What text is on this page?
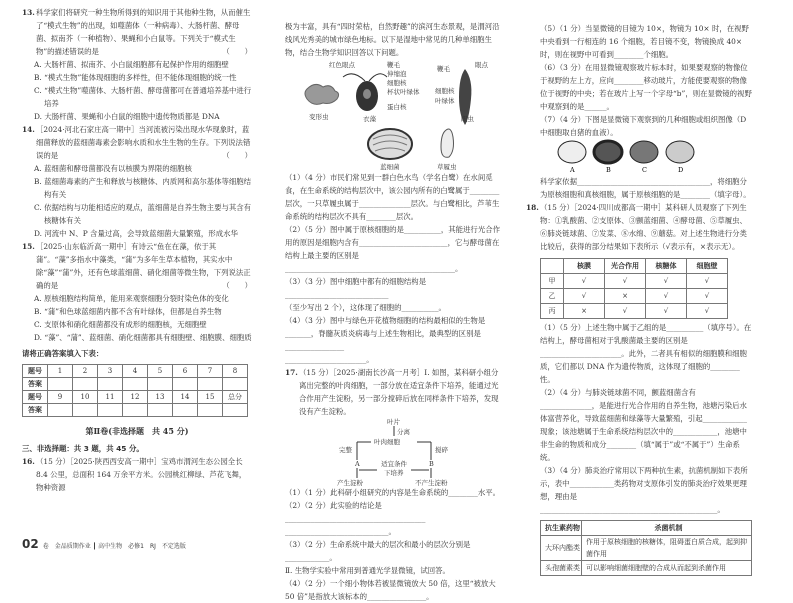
13.科学家们将研究一种生物所得到的知识用于其他种生物，从而催生了“模式生物”的出现，如噬菌体（一种病毒）、大肠杆菌、酵母菌、拟南芥（一种植物）、果蝇和小白鼠等。下列关于“模式生物”的描述错误的是	（　　）
A. 大肠杆菌、拟南芥、小白鼠细胞都有起保护作用的细胞壁
B. “模式生物”能体现细胞的多样性，但不能体现细胞的统一性
C. “模式生物”噬菌体、大肠杆菌、酵母菌都可在普通培养基中进行培养
D. 大肠杆菌、果蝇和小白鼠的细胞中遗传物质都是 DNA
14.［2024·河北石家庄高一期中］当河流被污染出现水华现象时，蓝细菌释放的蓝细菌毒素会影响水质和水生生物的生存。下列说法错误的是	（　　）
A. 蓝细菌和酵母菌都没有以核膜为界限的细胞核
B. 蓝细菌毒素的产生和释放与核糖体、内质网和高尔基体等细胞结构有关
C. 依据结构与功能相适应的观点，蓝细菌是自养生物主要与其含有核糖体有关
D. 河流中 N、P 含量过高，会导致蓝细菌大量繁殖，形成水华
15.［2025·山东临沂高一期中］有诗云“鱼在在藻，依于其蒲”。“藻”多指水中藻类，“蒲”为多年生草本植物，其实水中除“藻”“蒲”外，还有色球蓝细菌、硝化细菌等微生物，下列说法正确的是	（　　）
A. 原核细胞结构简单，能用来观察细胞分裂时染色体的变化
B. “蒲”和色球蓝细菌内都不含有叶绿体，但都是自养生物
C. 支原体和硝化细菌都没有成形的细胞核，无细胞壁
D. “藻”、“蒲”、蓝细菌、硝化细菌都具有细胞壁、细胞膜、细胞质
请将正确答案填入下表：
题号	1	2	3	4	5	6	7	8
答案								
题号	9	10	11	12	13	14	15	总分
答案								
第Ⅱ卷(非选择题　共 45 分)
三、非选择题：共 3 题，共 45 分。
16.（15 分）［2025·陕西西安高一期中］宝鸡市渭河生态公园全长 8.4 公里，总面积 164 万余平方米。公园桃红柳绿、芦花飞舞，物种资源
极为丰富，具有“四时荣枯，自然野趣”的滨河生态景观，是渭河沿线风光秀美的城市绿色地标。以下是湿地中常见的几种单细胞生物，结合生物学知识回答以下问题。
变形虫	衣藻
红色眼点	鞭毛
伸缩泡
细胞核
杯状叶绿体
蛋白核
鞭毛	眼点
细胞核
叶绿体
眼虫
蓝细菌	草履虫
（1）（4 分）市民们常见到一群白色水鸟（学名白鹭）在水间觅食，在生命系统的结构层次中，该公园内所有的白鹭属于________层次，一只草履虫属于______________层次。与白鹭相比，芦苇生命系统的结构层次不具有________层次。
（2）（5 分）图中属于原核细胞的是__________，其能进行光合作用的原因是细胞内含有________________________，它与酵母菌在结构上最主要的区别是______________________________________________。
（3）（3 分）图中细胞中都有的细胞结构是____________________________
（至少写出 2 个），这体现了细胞的__________。
（4）（3 分）图中与绿色开花植物细胞的结构最相似的生物是_______，脊髓灰质炎病毒与上述生物相比，最典型的区别是________________
______________________。
17.（15 分）［2025·湖南长沙高一月考］Ⅰ. 如图，某科研小组分离出完整的叶肉细胞，一部分放在适宜条件下培养，能通过光合作用产生淀粉，另一部分搅碎后放在同样条件下培养，发现没有产生淀粉。
叶片
分离
叶肉细胞
完整	搅碎
A	B
适宜条件
下培养
产生淀粉	不产生淀粉
（1）（1 分）此科研小组研究的内容是生命系统的________水平。
（2）（2 分）此实验的结论是______________________________________
____________________________。
（3）（2 分）生命系统中最大的层次和最小的层次分别是____________。
Ⅱ. 生物学实验中常用到普通光学显微镜，试回答。
（4）（2 分）一个细小物体若被显微镜放大 50 倍，这里“被放大 50 倍”是指放大该标本的________________。
（5）（1 分）当显微镜的目镜为 10×，物镜为 10× 时，在视野中央看到一行相连的 16 个细胞，若目镜不变，物镜换成 40× 时，则在视野中可看到________个细胞。
（6）（3 分）在用显微镜观察玻片标本时，如果要观察的物像位于视野的左上方，应向________移动玻片，方能使要观察的物像位于视野的中央；若在玻片上写一个字母“b”，则在显微镜的视野中观察到的是______。
（7）（4 分）下图是显微镜下观察到的几种细胞或组织图像（D 中细胞取自猪的血液）。
A	B	C	D
科学家依据____________________________________，将细胞分为原核细胞和真核细胞，属于原核细胞的是________（填字母）。
18.（15 分）［2024·四川成都高一期中］某科研人员观察了下列生物：①乳酸菌、②支原体、③颤蓝细菌、④酵母菌、⑤草履虫、⑥肺炎链球菌、⑦发菜、⑧水绵、⑨蘑菇。对上述生物进行分类比较后，获得的部分结果如下表所示（√表示有，×表示无）。
	核膜	光合作用	核糖体	细胞壁
甲	√	√	√	√
乙	√	×	√	√
丙	×	√	√	√
（1）（5 分）上述生物中属于乙组的是__________（填序号）。在结构上，酵母菌相对于乳酸菌最主要的区别是______________________。此外，二者具有相似的细胞膜和细胞质，它们都以 DNA 作为遗传物质，这体现了细胞的________性。
（2）（4 分）与肺炎链球菌不同，颤蓝细菌含有______________，是能进行光合作用的自养生物，池塘污染后水体富营养化，导致蓝细菌和绿藻等大量繁殖，引起____________现象；该池塘属于生命系统结构层次中的____________，池塘中非生命的物质和成分________（填“属于”或“不属于”）生命系统。
（3）（4 分）肺炎治疗常用以下两种抗生素，抗菌机制如下表所示，表中____________类药物对支原体引发的肺炎治疗效果更理想，理由是________________________________________________。
抗生素药物	杀菌机制
大环内酯类	作用于原核细胞的核糖体，阻碍蛋白质合成，起到抑菌作用
头孢菌素类	可以影响细菌细胞壁的合成从而起到杀菌作用
02 卷　金品质期作业 ┃ 高中生物　必修1　RJ　不定选版
